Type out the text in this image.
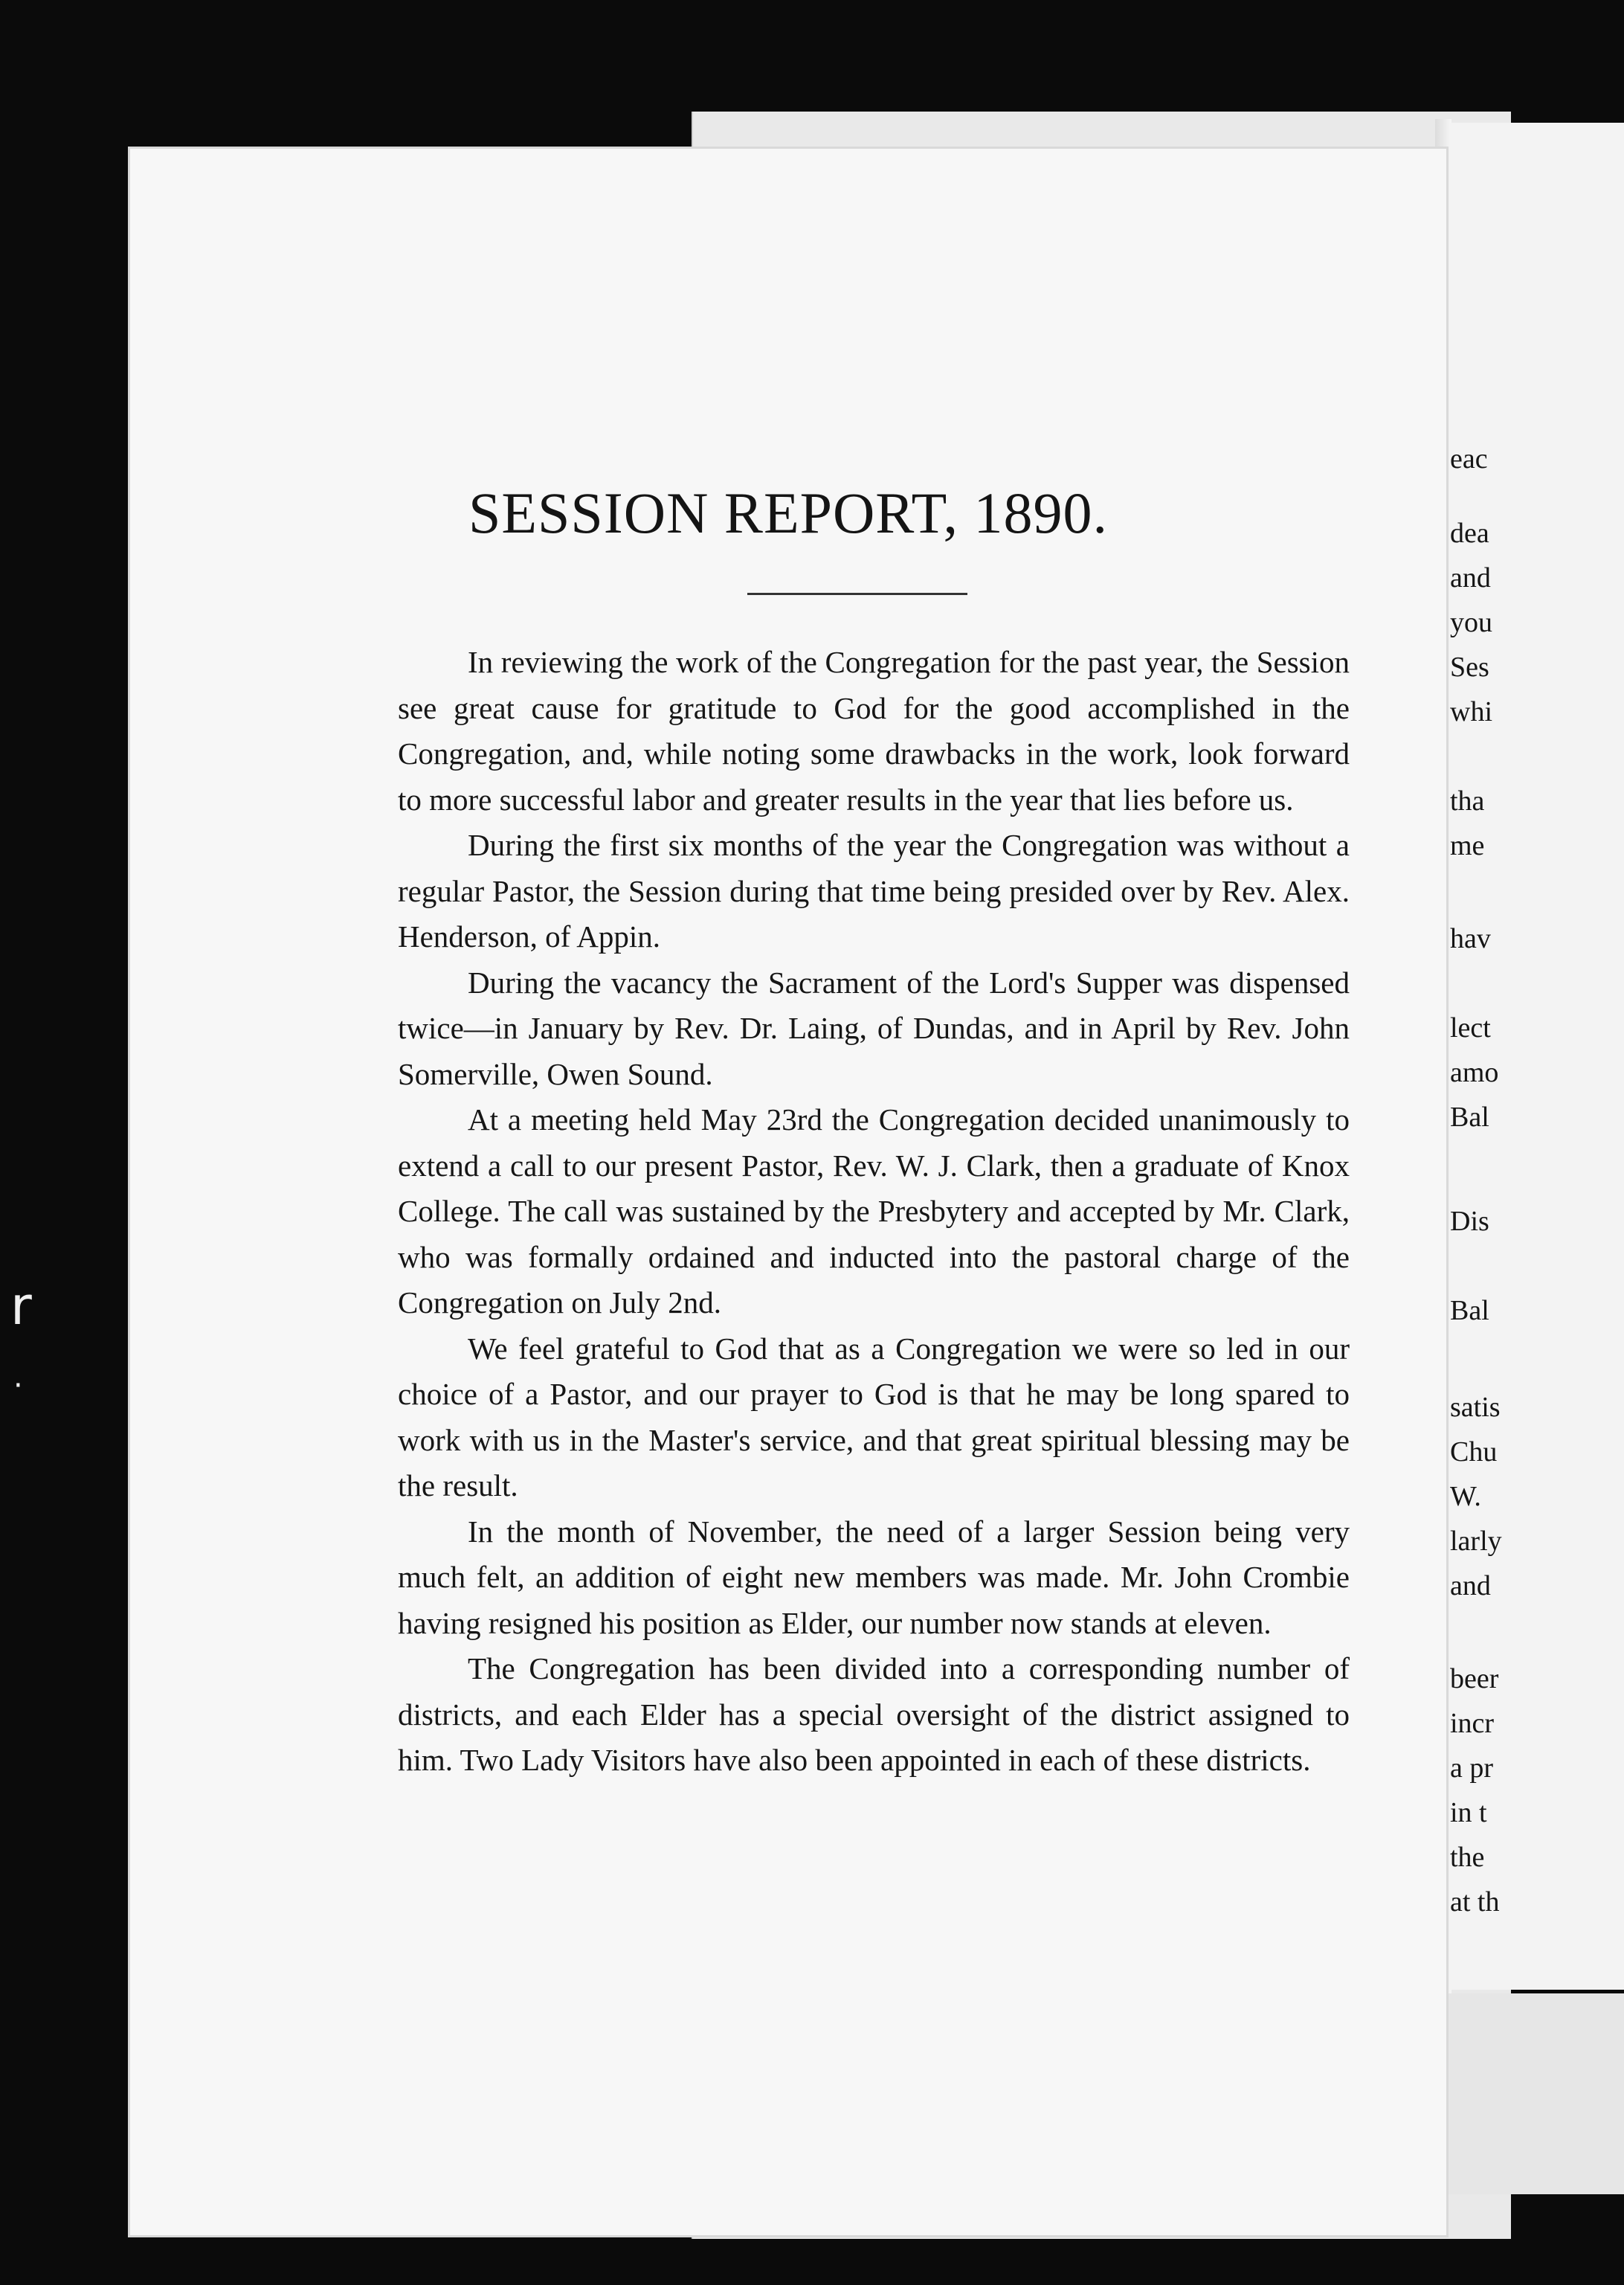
eac
dea
and
you
Ses
whi
tha
me
hav
lect
amo
Bal
Dis
Bal
satis
Chu
W.
larly
and
beer
incr
a pr
in t
the
at th
SESSION REPORT, 1890.

In reviewing the work of the Congregation for the past year, the Session see great cause for gratitude to God for the good accomplished in the Congregation, and, while noting some drawbacks in the work, look forward to more successful labor and greater results in the year that lies before us.

During the first six months of the year the Congregation was without a regular Pastor, the Session during that time being presided over by Rev. Alex. Henderson, of Appin.

During the vacancy the Sacrament of the Lord's Supper was dispensed twice—in January by Rev. Dr. Laing, of Dundas, and in April by Rev. John Somerville, Owen Sound.

At a meeting held May 23rd the Congregation decided unanimously to extend a call to our present Pastor, Rev. W. J. Clark, then a graduate of Knox College. The call was sustained by the Presbytery and accepted by Mr. Clark, who was formally ordained and inducted into the pastoral charge of the Congregation on July 2nd.

We feel grateful to God that as a Congregation we were so led in our choice of a Pastor, and our prayer to God is that he may be long spared to work with us in the Master's service, and that great spiritual blessing may be the result.

In the month of November, the need of a larger Session being very much felt, an addition of eight new members was made. Mr. John Crombie having resigned his position as Elder, our number now stands at eleven.

The Congregation has been divided into a corresponding number of districts, and each Elder has a special oversight of the district assigned to him. Two Lady Visitors have also been appointed in each of these districts.

r
·
